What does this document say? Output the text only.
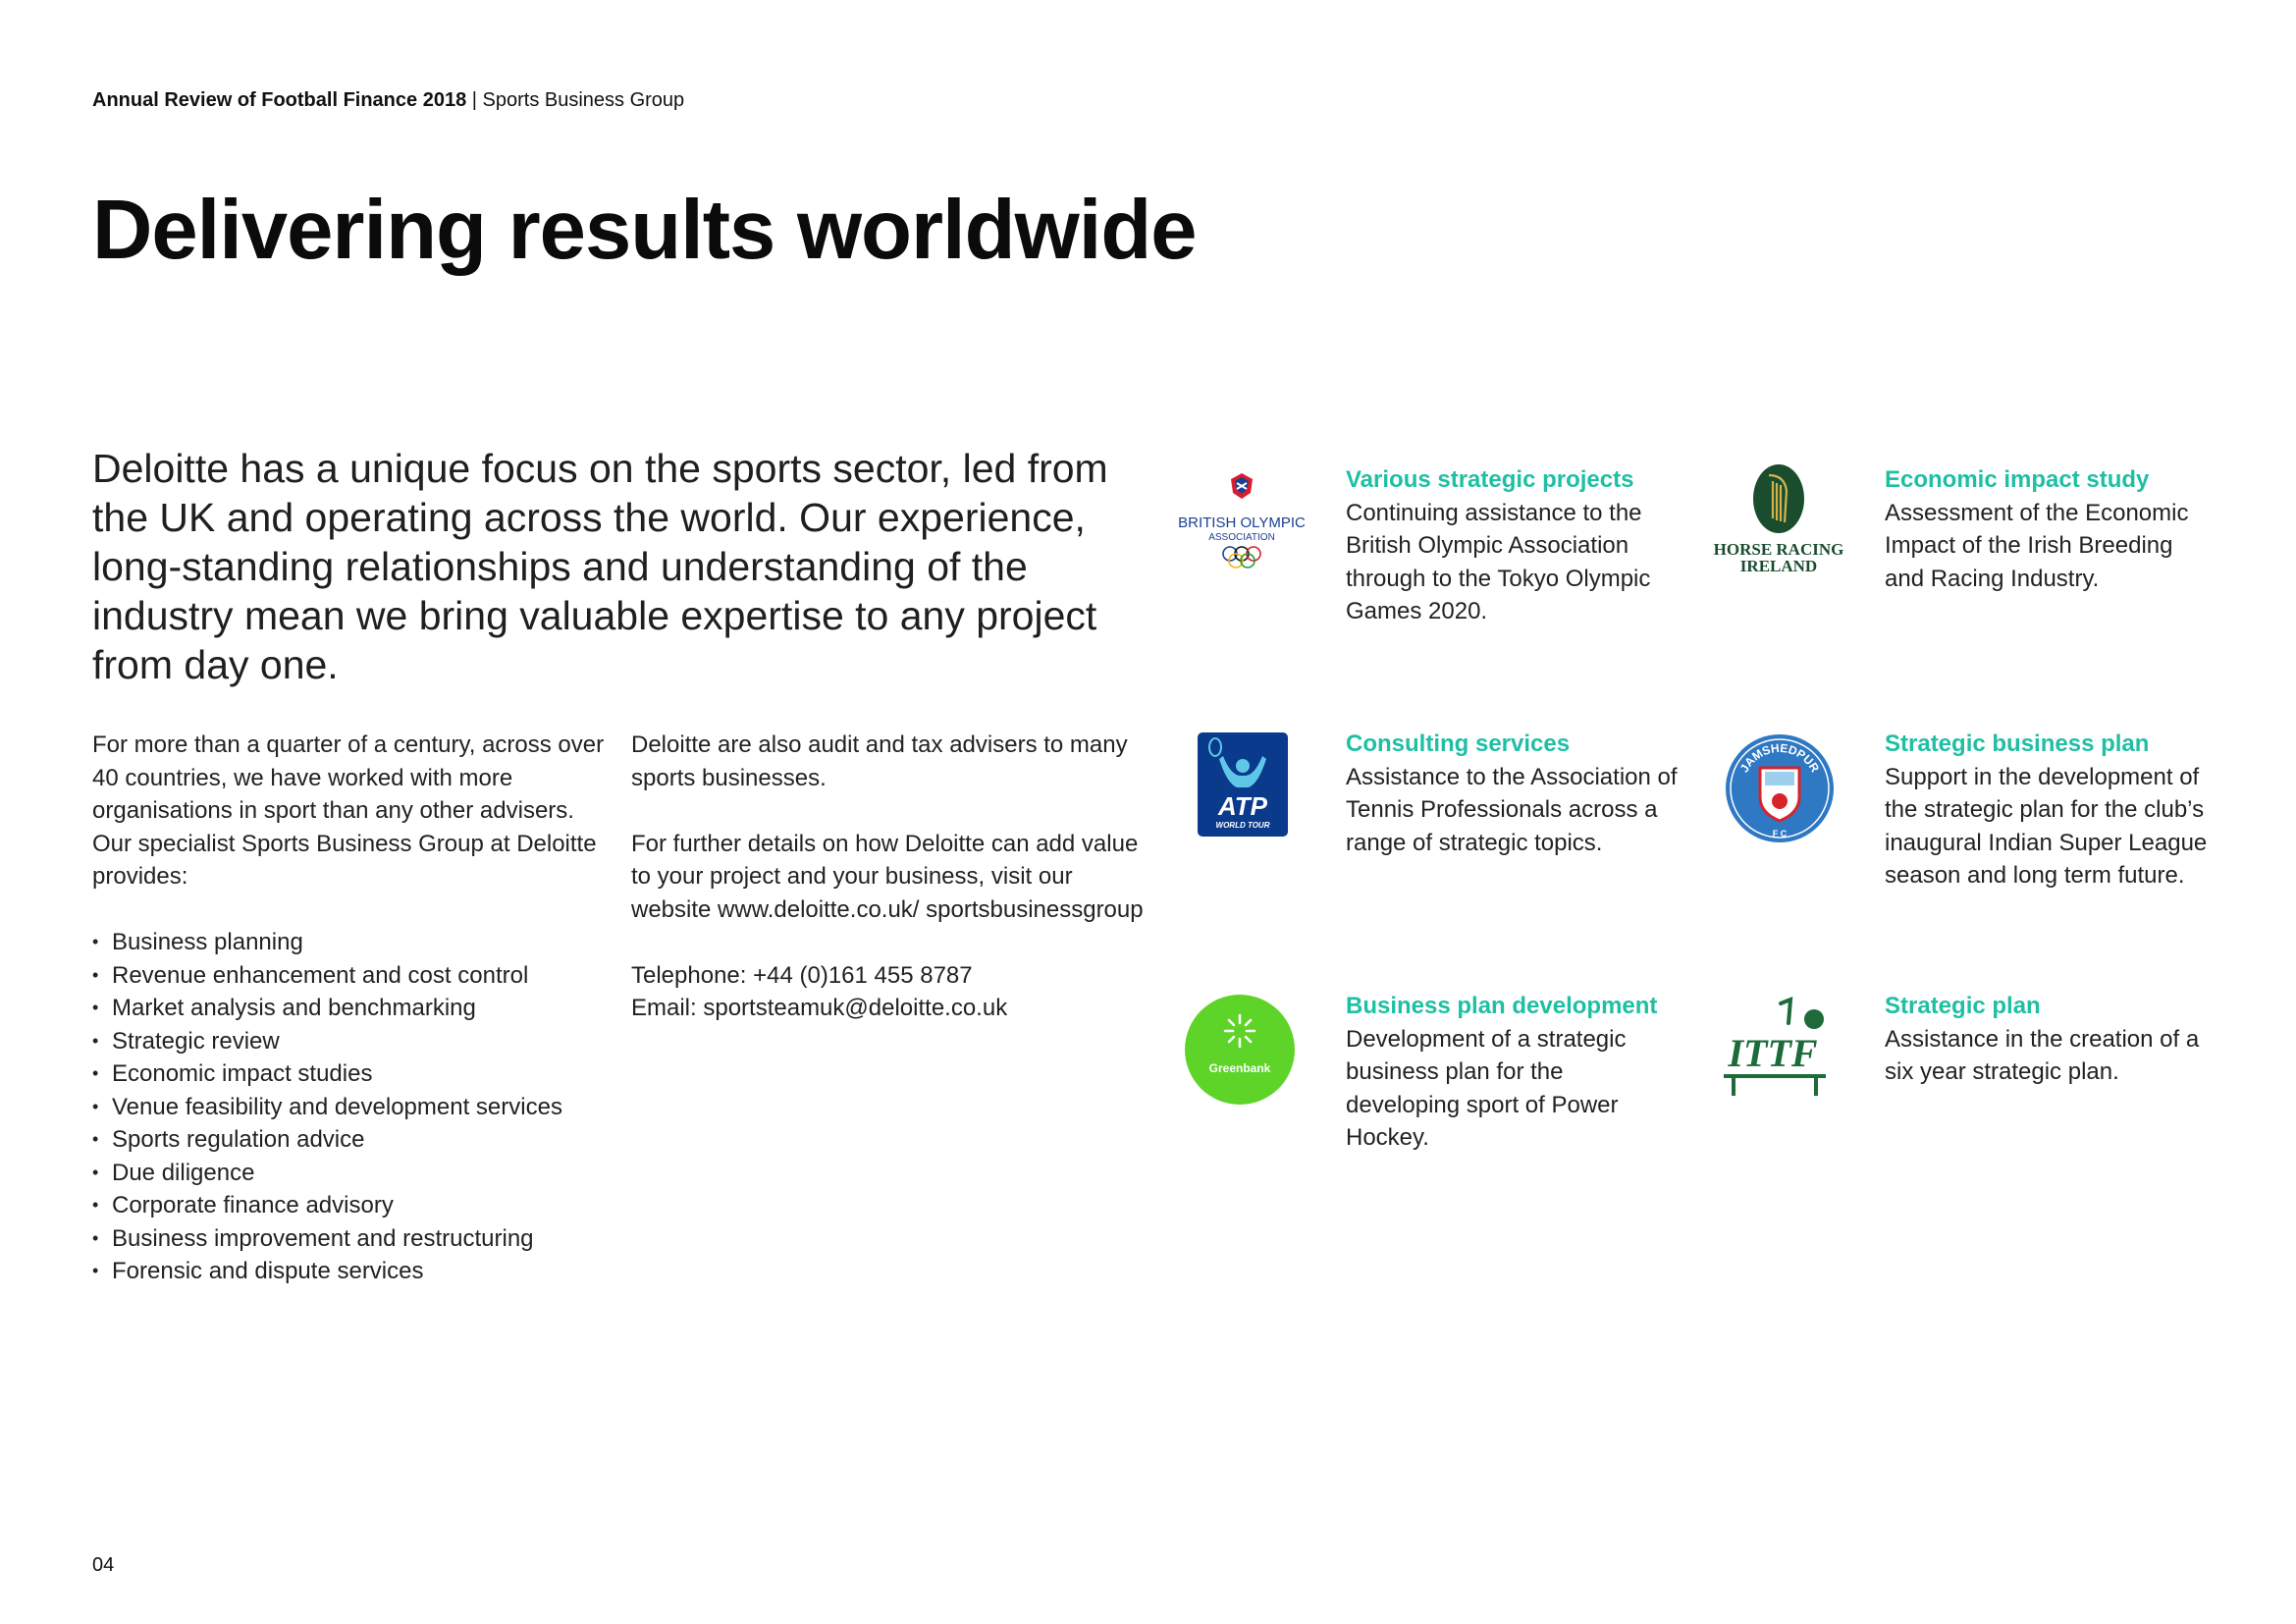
Annual Review of Football Finance 2018 | Sports Business Group
Delivering results worldwide

Deloitte has a unique focus on the sports sector, led from the UK and operating across the world. Our experience, long-standing relationships and understanding of the industry mean we bring valuable expertise to any project from day one.

For more than a quarter of a century, across over 40 countries, we have worked with more organisations in sport than any other advisers. Our specialist Sports Business Group at Deloitte provides:

• Business planning
• Revenue enhancement and cost control
• Market analysis and benchmarking
• Strategic review
• Economic impact studies
• Venue feasibility and development services
• Sports regulation advice
• Due diligence
• Corporate finance advisory
• Business improvement and restructuring
• Forensic and dispute services

Deloitte are also audit and tax advisers to many sports businesses.

For further details on how Deloitte can add value to your project and your business, visit our website www.deloitte.co.uk/ sportsbusinessgroup

Telephone: +44 (0)161 455 8787
Email: sportsteamuk@deloitte.co.uk

BRITISH OLYMPIC
ASSOCIATION
Various strategic projects
Continuing assistance to the British Olympic Association through to the Tokyo Olympic Games 2020.
HORSE RACING
IRELAND
Economic impact study
Assessment of the Economic Impact of the Irish Breeding and Racing Industry.
ATP
WORLD TOUR
Consulting services
Assistance to the Association of Tennis Professionals across a range of strategic topics.
JAMSHEDPUR
F C
Strategic business plan
Support in the development of the strategic plan for the club’s inaugural Indian Super League season and long term future.
Greenbank
Business plan development
Development of a strategic business plan for the developing sport of Power Hockey.
ITTF
Strategic plan
Assistance in the creation of a six year strategic plan.
04
